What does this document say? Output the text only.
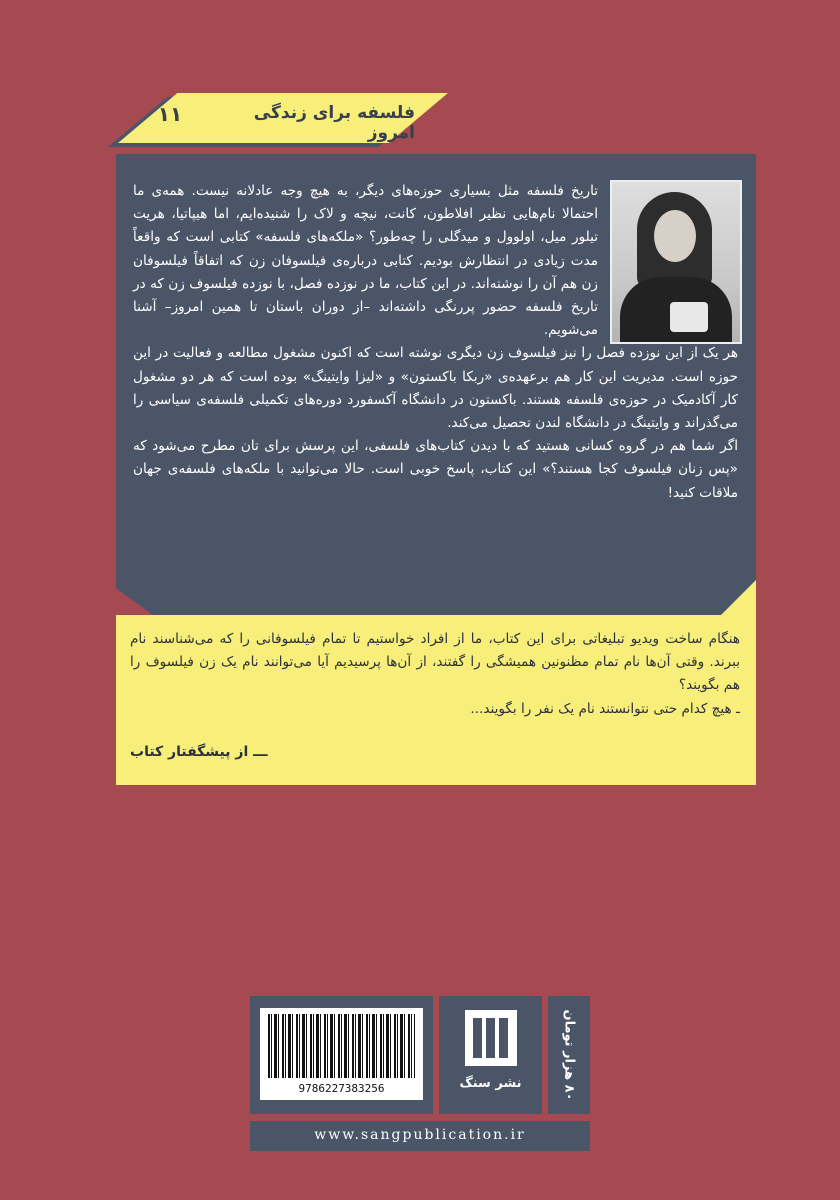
فلسفه برای زندگی امروز
۱۱

تاریخ فلسفه مثل بسیاری حوزه‌های دیگر، به هیچ وجه عادلانه نیست. همه‌ی ما احتمالا نام‌هایی نظیر افلاطون، کانت، نیچه و لاک را شنیده‌ایم، اما هیپاتیا، هریت تیلور میل، اولوول و میدگلی را چه‌طور؟ «ملکه‌های فلسفه» کتابی است که واقعاً مدت زیادی در انتظارش بودیم. کتابی درباره‌ی فیلسوفان زن که اتفاقاً فیلسوفان زن هم آن را نوشته‌اند. در این کتاب، ما در نوزده فصل، با نوزده فیلسوف زن که در تاریخ فلسفه حضور پررنگی داشته‌اند –از دوران باستان تا همین امروز– آشنا می‌شویم.

هر یک از این نوزده فصل را نیز فیلسوف زن دیگری نوشته است که اکنون مشغول مطالعه و فعالیت در این حوزه است. مدیریت این کار هم برعهده‌ی «ربکا باکستون» و «لیزا وایتینگ» بوده است که هر دو مشغول کار آکادمیک در حوزه‌ی فلسفه هستند. باکستون در دانشگاه آکسفورد دوره‌های تکمیلی فلسفه‌ی سیاسی را می‌گذراند و وایتینگ در دانشگاه لندن تحصیل می‌کند.

اگر شما هم در گروه کسانی هستید که با دیدن کتاب‌های فلسفی، این پرسش برای تان مطرح می‌شود که «پس زنان فیلسوف کجا هستند؟» این کتاب، پاسخ خوبی است. حالا می‌توانید با ملکه‌های فلسفه‌ی جهان ملاقات کنید!

هنگام ساخت ویدیو تبلیغاتی برای این کتاب، ما از افراد خواستیم تا تمام فیلسوفانی را که می‌شناسند نام ببرند. وقتی آن‌ها نام تمام مظنونین همیشگی را گفتند، از آن‌ها پرسیدیم آیا می‌توانند نام یک زن فیلسوف را هم بگویند؟
ـ هیچ کدام حتی نتوانستند نام یک نفر را بگویند...
ـــ از پیشگفتار کتاب
9786227383256	نشر سنگ	۸۰ هزار تومان
www.sangpublication.ir
